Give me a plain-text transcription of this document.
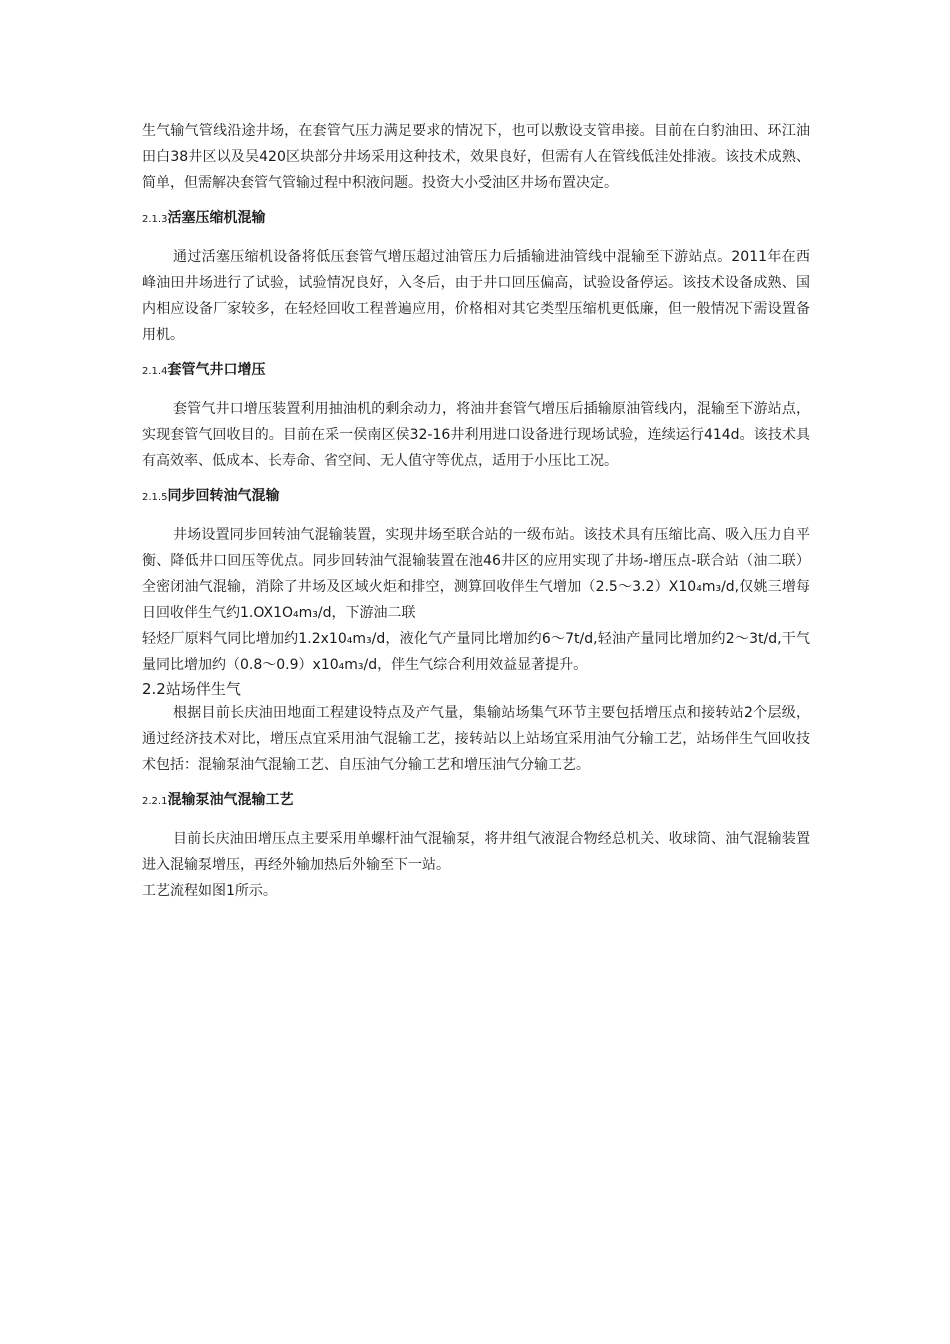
生气输气管线沿途井场，在套管气压力满足要求的情况下，也可以敷设支管串接。目前在白豹油田、环江油田白38井区以及吴420区块部分井场采用这种技术，效果良好，但需有人在管线低洼处排液。该技术成熟、简单，但需解决套管气管输过程中积液问题。投资大小受油区井场布置决定。

2.1.3活塞压缩机混输

通过活塞压缩机设备将低压套管气增压超过油管压力后插输进油管线中混输至下游站点。2011年在西峰油田井场进行了试验，试验情况良好，入冬后，由于井口回压偏高，试验设备停运。该技术设备成熟、国内相应设备厂家较多，在轻烃回收工程普遍应用，价格相对其它类型压缩机更低廉，但一般情况下需设置备用机。

2.1.4套管气井口增压

套管气井口增压装置利用抽油机的剩余动力，将油井套管气增压后插输原油管线内，混输至下游站点，实现套管气回收目的。目前在采一侯南区侯32-16井利用进口设备进行现场试验，连续运行414d。该技术具有高效率、低成本、长寿命、省空间、无人值守等优点，适用于小压比工况。

2.1.5同步回转油气混输

井场设置同步回转油气混输装置，实现井场至联合站的一级布站。该技术具有压缩比高、吸入压力自平衡、降低井口回压等优点。同步回转油气混输装置在池46井区的应用实现了井场-增压点-联合站（油二联）全密闭油气混输，消除了井场及区域火炬和排空，测算回收伴生气增加（2.5〜3.2）X10₄m₃/d,仅姚三增每日回收伴生气约1.OX1O₄m₃/d，下游油二联

轻烃厂原料气同比增加约1.2x10₄m₃/d，液化气产量同比增加约6〜7t/d,轻油产量同比增加约2〜3t/d,干气量同比增加约（0.8〜0.9）x10₄m₃/d，伴生气综合利用效益显著提升。

2.2站场伴生气

根据目前长庆油田地面工程建设特点及产气量，集输站场集气环节主要包括增压点和接转站2个层级，通过经济技术对比，增压点宜采用油气混输工艺，接转站以上站场宜采用油气分输工艺，站场伴生气回收技术包括：混输泵油气混输工艺、自压油气分输工艺和增压油气分输工艺。

2.2.1混输泵油气混输工艺

目前长庆油田增压点主要采用单螺杆油气混输泵，将井组气液混合物经总机关、收球筒、油气混输装置进入混输泵增压，再经外输加热后外输至下一站。

工艺流程如图1所示。
